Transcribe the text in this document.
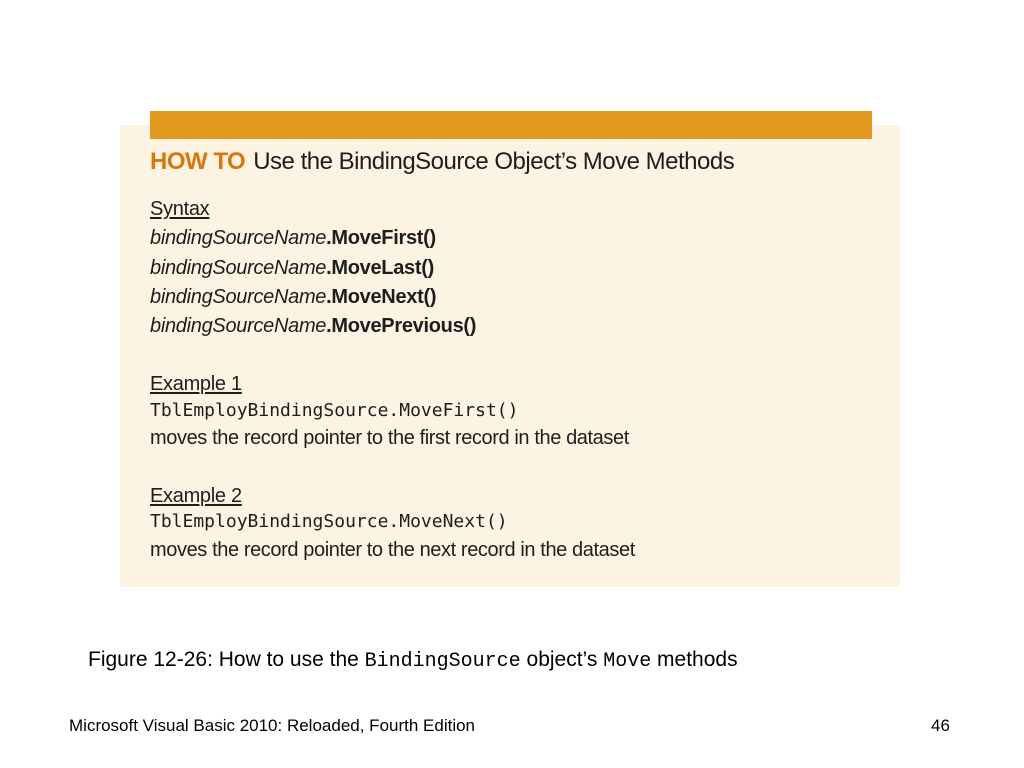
HOW TO Use the BindingSource Object’s Move Methods
Syntax
bindingSourceName.MoveFirst()
bindingSourceName.MoveLast()
bindingSourceName.MoveNext()
bindingSourceName.MovePrevious()
Example 1
TblEmployBindingSource.MoveFirst()
moves the record pointer to the first record in the dataset
Example 2
TblEmployBindingSource.MoveNext()
moves the record pointer to the next record in the dataset
Figure 12-26: How to use the BindingSource object’s Move methods
Microsoft Visual Basic 2010: Reloaded, Fourth Edition	46
